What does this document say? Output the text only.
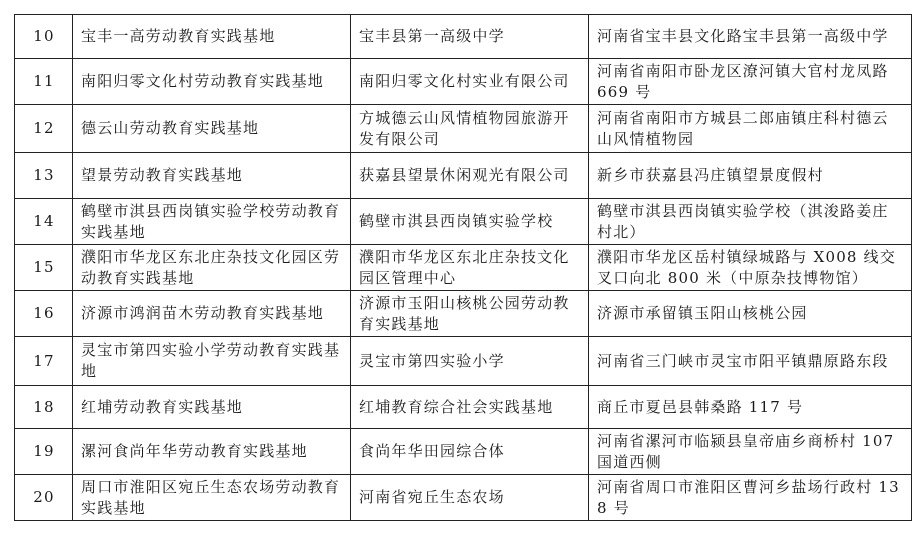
10	宝丰一高劳动教育实践基地	宝丰县第一高级中学	河南省宝丰县文化路宝丰县第一高级中学
11	南阳归零文化村劳动教育实践基地	南阳归零文化村实业有限公司	河南省南阳市卧龙区潦河镇大官村龙凤路 669 号
12	德云山劳动教育实践基地	方城德云山风情植物园旅游开发有限公司	河南省南阳市方城县二郎庙镇庄科村德云山风情植物园
13	望景劳动教育实践基地	获嘉县望景休闲观光有限公司	新乡市获嘉县冯庄镇望景度假村
14	鹤壁市淇县西岗镇实验学校劳动教育实践基地	鹤壁市淇县西岗镇实验学校	鹤壁市淇县西岗镇实验学校（淇浚路姜庄村北）
15	濮阳市华龙区东北庄杂技文化园区劳动教育实践基地	濮阳市华龙区东北庄杂技文化园区管理中心	濮阳市华龙区岳村镇绿城路与 X008 线交叉口向北 800 米（中原杂技博物馆）
16	济源市鸿润苗木劳动教育实践基地	济源市玉阳山核桃公园劳动教育实践基地	济源市承留镇玉阳山核桃公园
17	灵宝市第四实验小学劳动教育实践基地	灵宝市第四实验小学	河南省三门峡市灵宝市阳平镇鼎原路东段
18	红埔劳动教育实践基地	红埔教育综合社会实践基地	商丘市夏邑县韩桑路 117 号
19	漯河食尚年华劳动教育实践基地	食尚年华田园综合体	河南省漯河市临颍县皇帝庙乡商桥村 107 国道西侧
20	周口市淮阳区宛丘生态农场劳动教育实践基地	河南省宛丘生态农场	河南省周口市淮阳区曹河乡盐场行政村 138 号
